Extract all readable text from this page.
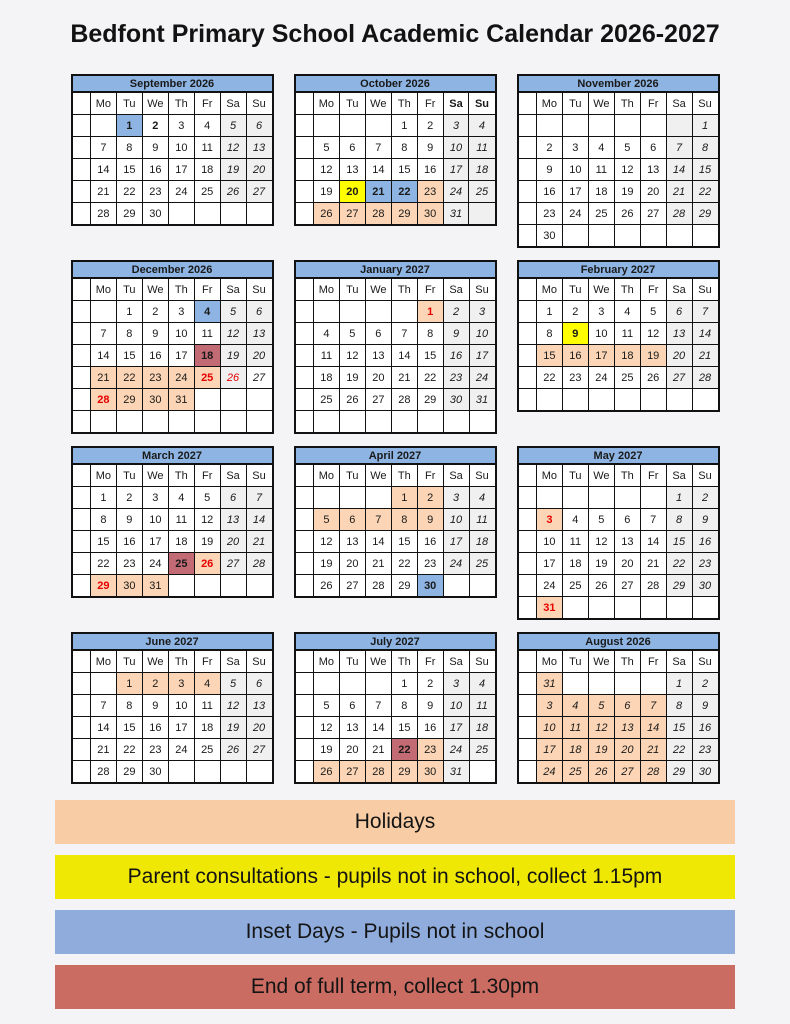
Bedfont Primary School Academic Calendar 2026-2027
September 2026							
	Mo	Tu	We	Th	Fr	Sa	Su
		1	2	3	4	5	6
	7	8	9	10	11	12	13
	14	15	16	17	18	19	20
	21	22	23	24	25	26	27
	28	29	30				
October 2026							
	Mo	Tu	We	Th	Fr	Sa	Su
				1	2	3	4
	5	6	7	8	9	10	11
	12	13	14	15	16	17	18
	19	20	21	22	23	24	25
	26	27	28	29	30	31	
November 2026							
	Mo	Tu	We	Th	Fr	Sa	Su
							1
	2	3	4	5	6	7	8
	9	10	11	12	13	14	15
	16	17	18	19	20	21	22
	23	24	25	26	27	28	29
	30						
December 2026							
	Mo	Tu	We	Th	Fr	Sa	Su
		1	2	3	4	5	6
	7	8	9	10	11	12	13
	14	15	16	17	18	19	20
	21	22	23	24	25	26	27
	28	29	30	31			

January 2027							
	Mo	Tu	We	Th	Fr	Sa	Su
					1	2	3
	4	5	6	7	8	9	10
	11	12	13	14	15	16	17
	18	19	20	21	22	23	24
	25	26	27	28	29	30	31

February 2027							
	Mo	Tu	We	Th	Fr	Sa	Su
	1	2	3	4	5	6	7
	8	9	10	11	12	13	14
	15	16	17	18	19	20	21
	22	23	24	25	26	27	28

March 2027							
	Mo	Tu	We	Th	Fr	Sa	Su
	1	2	3	4	5	6	7
	8	9	10	11	12	13	14
	15	16	17	18	19	20	21
	22	23	24	25	26	27	28
	29	30	31				
April 2027							
	Mo	Tu	We	Th	Fr	Sa	Su
				1	2	3	4
	5	6	7	8	9	10	11
	12	13	14	15	16	17	18
	19	20	21	22	23	24	25
	26	27	28	29	30		
May 2027							
	Mo	Tu	We	Th	Fr	Sa	Su
						1	2
	3	4	5	6	7	8	9
	10	11	12	13	14	15	16
	17	18	19	20	21	22	23
	24	25	26	27	28	29	30
	31						
June 2027							
	Mo	Tu	We	Th	Fr	Sa	Su
		1	2	3	4	5	6
	7	8	9	10	11	12	13
	14	15	16	17	18	19	20
	21	22	23	24	25	26	27
	28	29	30				
July 2027							
	Mo	Tu	We	Th	Fr	Sa	Su
				1	2	3	4
	5	6	7	8	9	10	11
	12	13	14	15	16	17	18
	19	20	21	22	23	24	25
	26	27	28	29	30	31	
August 2026							
	Mo	Tu	We	Th	Fr	Sa	Su
	31					1	2
	3	4	5	6	7	8	9
	10	11	12	13	14	15	16
	17	18	19	20	21	22	23
	24	25	26	27	28	29	30
Holidays
Parent consultations - pupils not in school, collect 1.15pm
Inset Days - Pupils not in school
End of full term, collect 1.30pm
